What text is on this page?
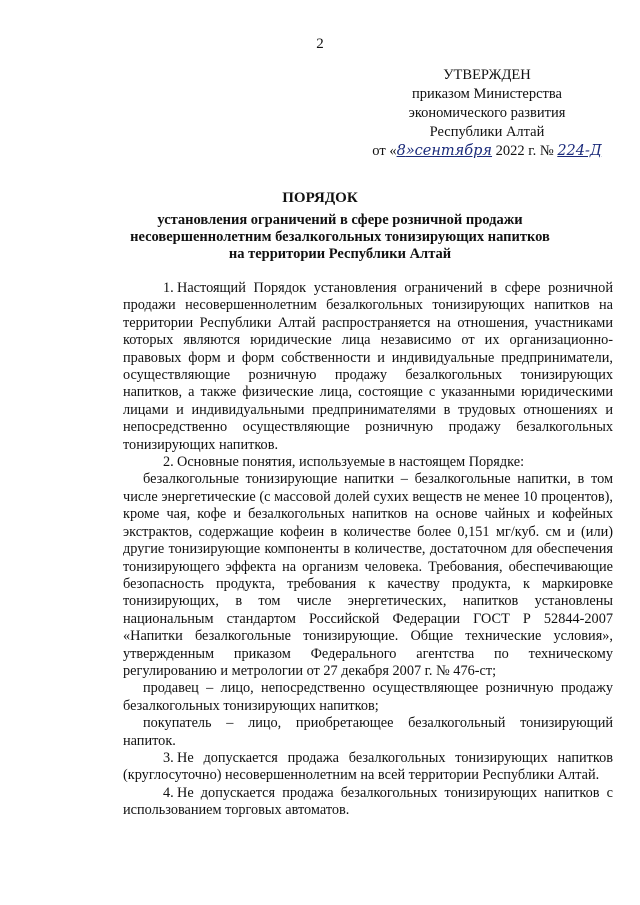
2
УТВЕРЖДЕН
приказом Министерства
экономического развития
Республики Алтай
от «8»сентября 2022 г. № 224-Д
ПОРЯДОК
установления ограничений в сфере розничной продажи
несовершеннолетним безалкогольных тонизирующих напитков
на территории Республики Алтай

1. Настоящий Порядок установления ограничений в сфере розничной продажи несовершеннолетним безалкогольных тонизирующих напитков на территории Республики Алтай распространяется на отношения, участниками которых являются юридические лица независимо от их организационно-правовых форм и форм собственности и индивидуальные предприниматели, осуществляющие розничную продажу безалкогольных тонизирующих напитков, а также физические лица, состоящие с указанными юридическими лицами и индивидуальными предпринимателями в трудовых отношениях и непосредственно осуществляющие розничную продажу безалкогольных тонизирующих напитков.

2. Основные понятия, используемые в настоящем Порядке:

безалкогольные тонизирующие напитки – безалкогольные напитки, в том числе энергетические (с массовой долей сухих веществ не менее 10 процентов), кроме чая, кофе и безалкогольных напитков на основе чайных и кофейных экстрактов, содержащие кофеин в количестве более 0,151 мг/куб. см и (или) другие тонизирующие компоненты в количестве, достаточном для обеспечения тонизирующего эффекта на организм человека. Требования, обеспечивающие безопасность продукта, требования к качеству продукта, к маркировке тонизирующих, в том числе энергетических, напитков установлены национальным стандартом Российской Федерации ГОСТ Р 52844-2007 «Напитки безалкогольные тонизирующие. Общие технические условия», утвержденным приказом Федерального агентства по техническому регулированию и метрологии от 27 декабря 2007 г. № 476-ст;

продавец – лицо, непосредственно осуществляющее розничную продажу безалкогольных тонизирующих напитков;

покупатель – лицо, приобретающее безалкогольный тонизирующий напиток.

3. Не допускается продажа безалкогольных тонизирующих напитков (круглосуточно) несовершеннолетним на всей территории Республики Алтай.

4. Не допускается продажа безалкогольных тонизирующих напитков с использованием торговых автоматов.
